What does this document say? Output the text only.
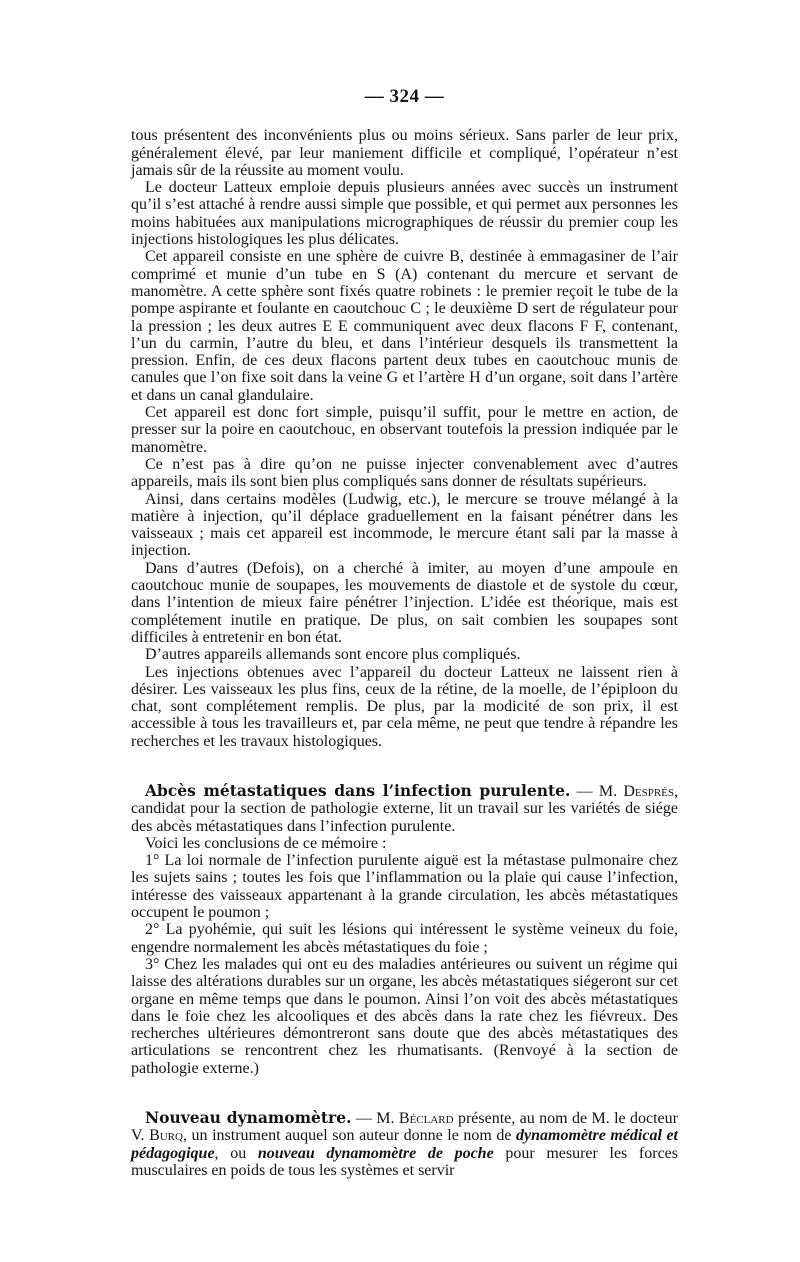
— 324 —

tous présentent des inconvénients plus ou moins sérieux. Sans parler de leur prix, généralement élevé, par leur maniement difficile et compliqué, l’opérateur n’est jamais sûr de la réussite au moment voulu.

Le docteur Latteux emploie depuis plusieurs années avec succès un instrument qu’il s’est attaché à rendre aussi simple que possible, et qui permet aux personnes les moins habituées aux manipulations micrographiques de réussir du premier coup les injections histologiques les plus délicates.

Cet appareil consiste en une sphère de cuivre B, destinée à emmagasiner de l’air comprimé et munie d’un tube en S (A) contenant du mercure et servant de manomètre. A cette sphère sont fixés quatre robinets : le premier reçoit le tube de la pompe aspirante et foulante en caoutchouc C ; le deuxième D sert de régulateur pour la pression ; les deux autres E E communiquent avec deux flacons F F, contenant, l’un du carmin, l’autre du bleu, et dans l’intérieur desquels ils transmettent la pression. Enfin, de ces deux flacons partent deux tubes en caoutchouc munis de canules que l’on fixe soit dans la veine G et l’artère H d’un organe, soit dans l’artère et dans un canal glandulaire.

Cet appareil est donc fort simple, puisqu’il suffit, pour le mettre en action, de presser sur la poire en caoutchouc, en observant toutefois la pression indiquée par le manomètre.

Ce n’est pas à dire qu’on ne puisse injecter convenablement avec d’autres appareils, mais ils sont bien plus compliqués sans donner de résultats supérieurs.

Ainsi, dans certains modèles (Ludwig, etc.), le mercure se trouve mélangé à la matière à injection, qu’il déplace graduellement en la faisant pénétrer dans les vaisseaux ; mais cet appareil est incommode, le mercure étant sali par la masse à injection.

Dans d’autres (Defois), on a cherché à imiter, au moyen d’une ampoule en caoutchouc munie de soupapes, les mouvements de diastole et de systole du cœur, dans l’intention de mieux faire pénétrer l’injection. L’idée est théorique, mais est complétement inutile en pratique. De plus, on sait combien les soupapes sont difficiles à entretenir en bon état.

D’autres appareils allemands sont encore plus compliqués.

Les injections obtenues avec l’appareil du docteur Latteux ne laissent rien à désirer. Les vaisseaux les plus fins, ceux de la rétine, de la moelle, de l’épiploon du chat, sont complétement remplis. De plus, par la modicité de son prix, il est accessible à tous les travailleurs et, par cela même, ne peut que tendre à répandre les recherches et les travaux histologiques.

Abcès métastatiques dans l’infection purulente. — M. Després, candidat pour la section de pathologie externe, lit un travail sur les variétés de siége des abcès métastatiques dans l’infection purulente.

Voici les conclusions de ce mémoire :

1° La loi normale de l’infection purulente aiguë est la métastase pulmonaire chez les sujets sains ; toutes les fois que l’inflammation ou la plaie qui cause l’infection, intéresse des vaisseaux appartenant à la grande circulation, les abcès métastatiques occupent le poumon ;

2° La pyohémie, qui suit les lésions qui intéressent le système veineux du foie, engendre normalement les abcès métastatiques du foie ;

3° Chez les malades qui ont eu des maladies antérieures ou suivent un régime qui laisse des altérations durables sur un organe, les abcès métastatiques siégeront sur cet organe en même temps que dans le poumon. Ainsi l’on voit des abcès métastatiques dans le foie chez les alcooliques et des abcès dans la rate chez les fiévreux. Des recherches ultérieures démontreront sans doute que des abcès métastatiques des articulations se rencontrent chez les rhumatisants. (Renvoyé à la section de pathologie externe.)

Nouveau dynamomètre. — M. Béclard présente, au nom de M. le docteur V. Burq, un instrument auquel son auteur donne le nom de dynamomètre médical et pédagogique, ou nouveau dynamomètre de poche pour mesurer les forces musculaires en poids de tous les systèmes et servir
